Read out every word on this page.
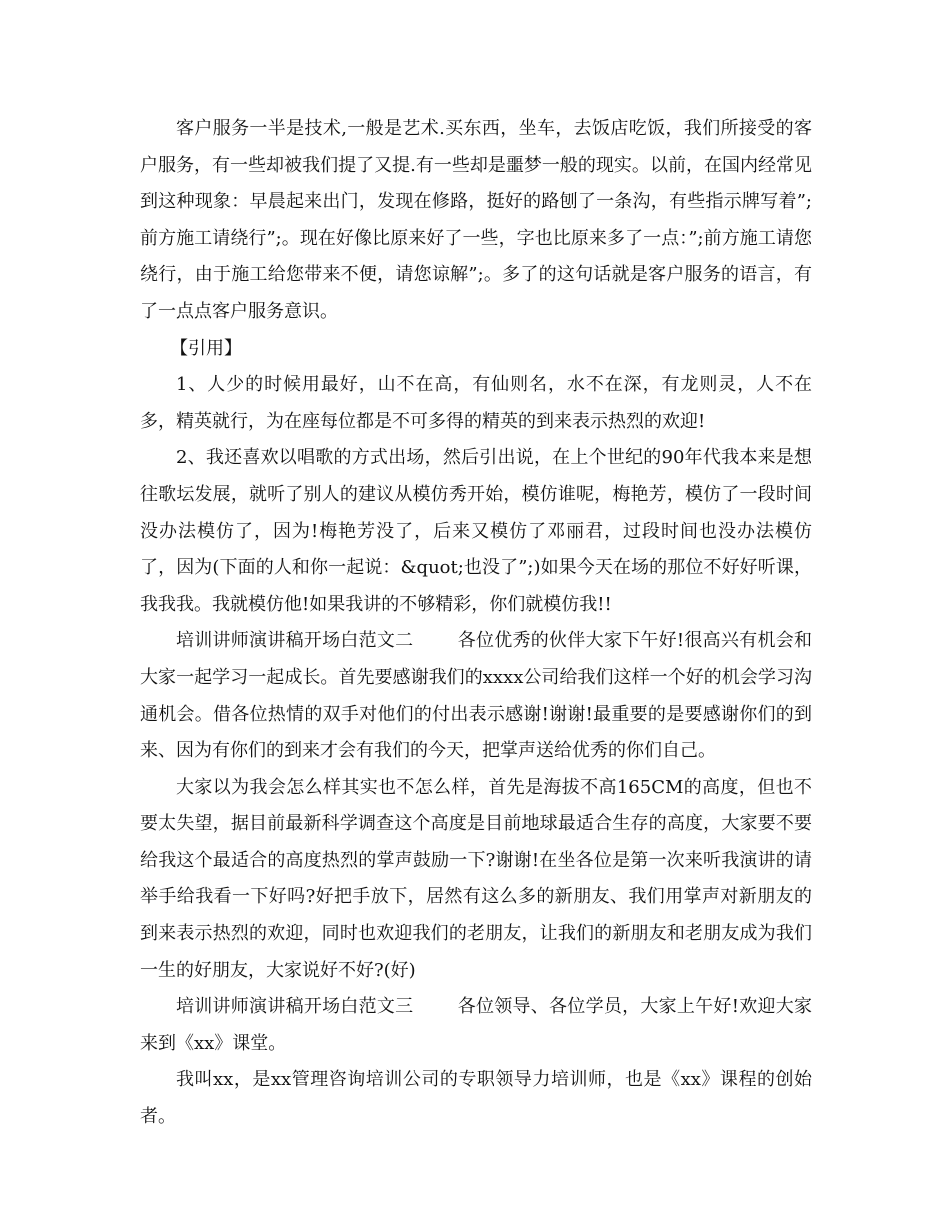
客户服务一半是技术,一般是艺术.买东西，坐车，去饭店吃饭，我们所接受的客户服务，有一些却被我们提了又提.有一些却是噩梦一般的现实。以前，在国内经常见到这种现象：早晨起来出门，发现在修路，挺好的路刨了一条沟，有些指示牌写着”;前方施工请绕行”;。现在好像比原来好了一些，字也比原来多了一点：”;前方施工请您绕行，由于施工给您带来不便，请您谅解”;。多了的这句话就是客户服务的语言，有了一点点客户服务意识。

【引用】

1、人少的时候用最好，山不在高，有仙则名，水不在深，有龙则灵，人不在多，精英就行，为在座每位都是不可多得的精英的到来表示热烈的欢迎!

2、我还喜欢以唱歌的方式出场，然后引出说，在上个世纪的90年代我本来是想往歌坛发展，就听了别人的建议从模仿秀开始，模仿谁呢，梅艳芳，模仿了一段时间没办法模仿了，因为!梅艳芳没了，后来又模仿了邓丽君，过段时间也没办法模仿了，因为(下面的人和你一起说：&quot;也没了”;)如果今天在场的那位不好好听课，我我我。我就模仿他!如果我讲的不够精彩，你们就模仿我!!

培训讲师演讲稿开场白范文二 各位优秀的伙伴大家下午好!很高兴有机会和大家一起学习一起成长。首先要感谢我们的xxxx公司给我们这样一个好的机会学习沟通机会。借各位热情的双手对他们的付出表示感谢!谢谢!最重要的是要感谢你们的到来、因为有你们的到来才会有我们的今天，把掌声送给优秀的你们自己。

大家以为我会怎么样其实也不怎么样，首先是海拔不高165CM的高度，但也不要太失望，据目前最新科学调查这个高度是目前地球最适合生存的高度，大家要不要给我这个最适合的高度热烈的掌声鼓励一下?谢谢!在坐各位是第一次来听我演讲的请举手给我看一下好吗?好把手放下，居然有这么多的新朋友、我们用掌声对新朋友的到来表示热烈的欢迎，同时也欢迎我们的老朋友，让我们的新朋友和老朋友成为我们一生的好朋友，大家说好不好?(好)

培训讲师演讲稿开场白范文三 各位领导、各位学员，大家上午好!欢迎大家来到《xx》课堂。

我叫xx，是xx管理咨询培训公司的专职领导力培训师，也是《xx》课程的创始者。
